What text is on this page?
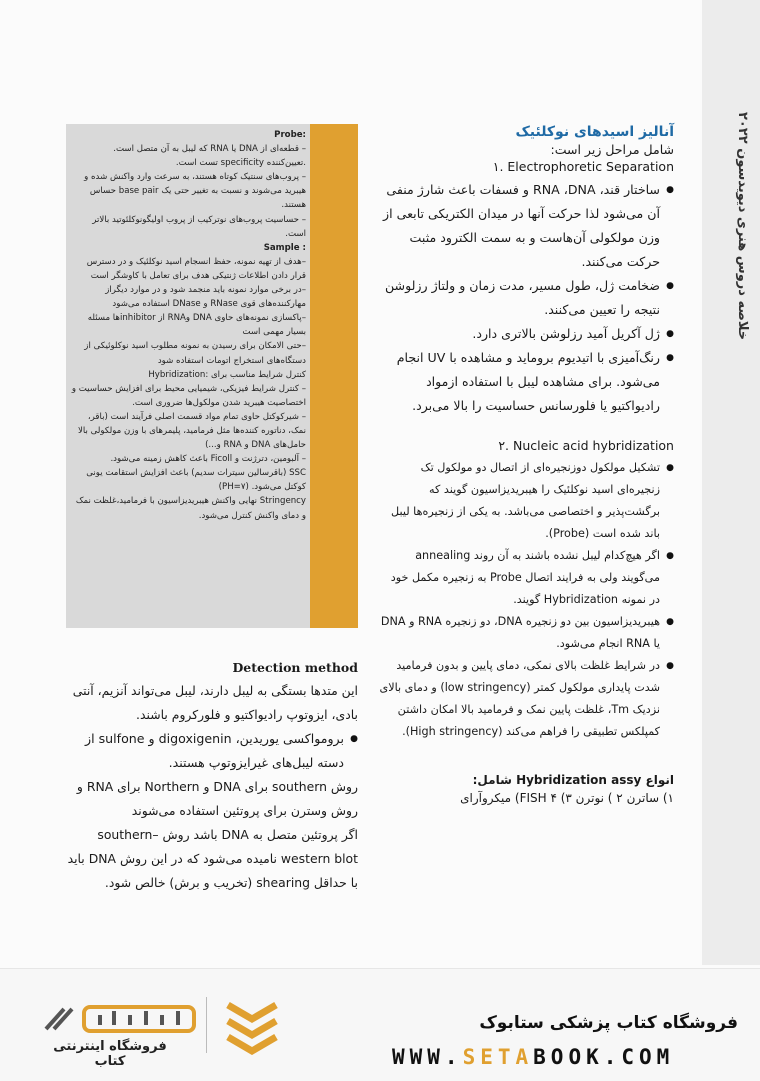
خلاصه دروس هنری دیویدسون ۲۰۲۲

Probe:

– قطعه‌ای از DNA یا RNA که لیبل به آن متصل است.

.تعیین‌کننده specificity تست است.

– پروب‌های سنتیک کوتاه هستند، به سرعت وارد واکنش شده و هیبرید می‌شوند و نسبت به تغییر حتی یک base pair حساس هستند.

– حساسیت پروب‌های نوترکیب از پروب اولیگونوکلئوتید بالاتر است.

Sample :

–هدف از تهیه نمونه، حفظ انسجام اسید نوکلئیک و در دسترس قرار دادن اطلاعات ژنتیکی هدف برای تعامل با کاوشگر است

–در برخی موارد نمونه باید منجمد شود و در موارد دیگراز مهارکننده‌های قوی RNase و DNase استفاده می‌شود

–پاکسازی نمونه‌های حاوی DNA وRNA از inhibitorها مسئله بسیار مهمی است

–حتی الامکان برای رسیدن به نمونه مطلوب اسید نوکلوئیکی از دستگاه‌های استخراج اتومات استفاده شود

کنترل شرایط مناسب برای :Hybridization

– کنترل شرایط فیزیکی، شیمیایی محیط برای افزایش حساسیت و اختصاصیت هیبرید شدن مولکول‌ها ضروری است.

– شیرکوکتل حاوی تمام مواد قسمت اصلی فرآیند است (باقر، نمک، دناتوره کننده‌ها مثل فرمامید، پلیمرهای با وزن مولکولی بالا حامل‌های DNA و RNA و...)

– آلبومین، دترژنت و Ficoll باعث کاهش زمینه می‌شود.

SSC (باقرسالین سیترات سدیم) باعث افزایش استقامت یونی کوکتل می‌شود. (PH=۷)

Stringency نهایی واکنش هیبریدیزاسیون با فرمامید،غلظت نمک و دمای واکنش کنترل می‌شود.

Detection method

این متدها بستگی به لیبل دارند، لیبل می‌تواند آنزیم، آنتی بادی، ایزوتوپ رادیواکتیو و فلورکروم باشند.

● برومواکسی یوریدین، digoxigenin و sulfone از دسته لیبل‌های غیرایزوتوپ هستند.

روش southern برای DNA و Northern برای RNA و روش وسترن برای پروتئین استفاده می‌شوند

اگر پروتئین متصل به DNA باشد روش –southern western blot نامیده می‌شود که در این روش DNA باید با حداقل shearing (تخریب و برش) خالص شود.

آنالیز اسیدهای نوکلئیک
شامل مراحل زیر است:
۱. Electrophoretic Separation
● ساختار قند، RNA ،DNA و فسفات باعث شارژ منفی آن می‌شود لذا حرکت آنها در میدان الکتریکی تابعی از وزن مولکولی آن‌هاست و به سمت الکترود مثبت حرکت می‌کنند.
● ضخامت ژل، طول مسیر، مدت زمان و ولتاژ رزلوشن نتیجه را تعیین می‌کنند.
● ژل آکریل آمید رزلوشن بالاتری دارد.
● رنگ‌آمیزی با اتیدیوم بروماید و مشاهده با UV انجام می‌شود. برای مشاهده لیبل با استفاده ازمواد رادیواکتیو یا فلورسانس حساسیت را بالا می‌برد.
۲. Nucleic acid hybridization
● تشکیل مولکول دوزنجیره‌ای از اتصال دو مولکول تک زنجیره‌ای اسید نوکلئیک را هیبریدیزاسیون گویند که برگشت‌پذیر و اختصاصی می‌باشد. به یکی از زنجیره‌ها لیبل باند شده است (Probe).
● اگر هیچ‌کدام لیبل نشده باشند به آن روند annealing می‌گویند ولی به فرایند اتصال Probe به زنجیره مکمل خود در نمونه Hybridization گویند.
● هیبریدیزاسیون بین دو زنجیره DNA، دو زنجیره RNA و DNA یا RNA انجام می‌شود.
● در شرایط غلظت بالای نمکی، دمای پایین و بدون فرمامید شدت پایداری مولکول کمتر (low stringency) و دمای بالای نزدیک Tm، غلظت پایین نمک و فرمامید بالا امکان داشتن کمپلکس تطبیقی را فراهم می‌کند (High stringency).
انواع Hybridization assy شامل:
۱) ساترن ۲ ) نوترن ۳) FISH ۴) میکروآرای
فروشگاه اینترنتی کتاب
فروشگاه کتاب پزشکی ستابوک
WWW.SETABOOK.COM
